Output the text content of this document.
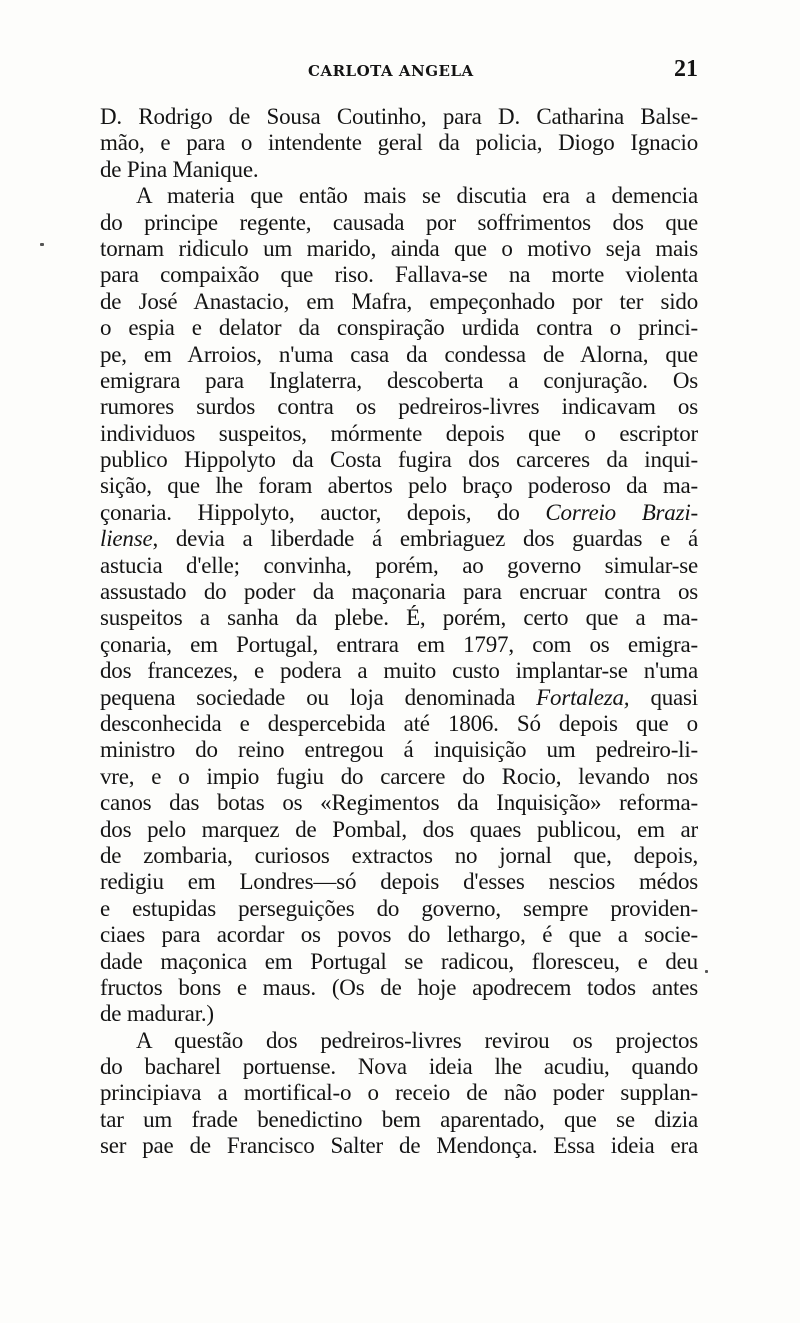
CARLOTA ANGELA	21
D. Rodrigo de Sousa Coutinho, para D. Catharina Balse-
mão, e para o intendente geral da policia, Diogo Ignacio
de Pina Manique.
A materia que então mais se discutia era a demencia
do principe regente, causada por soffrimentos dos que
tornam ridiculo um marido, ainda que o motivo seja mais
para compaixão que riso. Fallava-se na morte violenta
de José Anastacio, em Mafra, empeçonhado por ter sido
o espia e delator da conspiração urdida contra o princi-
pe, em Arroios, n'uma casa da condessa de Alorna, que
emigrara para Inglaterra, descoberta a conjuração. Os
rumores surdos contra os pedreiros-livres indicavam os
individuos suspeitos, mórmente depois que o escriptor
publico Hippolyto da Costa fugira dos carceres da inqui-
sição, que lhe foram abertos pelo braço poderoso da ma-
çonaria. Hippolyto, auctor, depois, do Correio Brazi-
liense, devia a liberdade á embriaguez dos guardas e á
astucia d'elle; convinha, porém, ao governo simular-se
assustado do poder da maçonaria para encruar contra os
suspeitos a sanha da plebe. É, porém, certo que a ma-
çonaria, em Portugal, entrara em 1797, com os emigra-
dos francezes, e podera a muito custo implantar-se n'uma
pequena sociedade ou loja denominada Fortaleza, quasi
desconhecida e despercebida até 1806. Só depois que o
ministro do reino entregou á inquisição um pedreiro-li-
vre, e o impio fugiu do carcere do Rocio, levando nos
canos das botas os «Regimentos da Inquisição» reforma-
dos pelo marquez de Pombal, dos quaes publicou, em ar
de zombaria, curiosos extractos no jornal que, depois,
redigiu em Londres—só depois d'esses nescios médos
e estupidas perseguições do governo, sempre providen-
ciaes para acordar os povos do lethargo, é que a socie-
dade maçonica em Portugal se radicou, floresceu, e deu
fructos bons e maus. (Os de hoje apodrecem todos antes
de madurar.)
A questão dos pedreiros-livres revirou os projectos
do bacharel portuense. Nova ideia lhe acudiu, quando
principiava a mortifical-o o receio de não poder supplan-
tar um frade benedictino bem aparentado, que se dizia
ser pae de Francisco Salter de Mendonça. Essa ideia era
